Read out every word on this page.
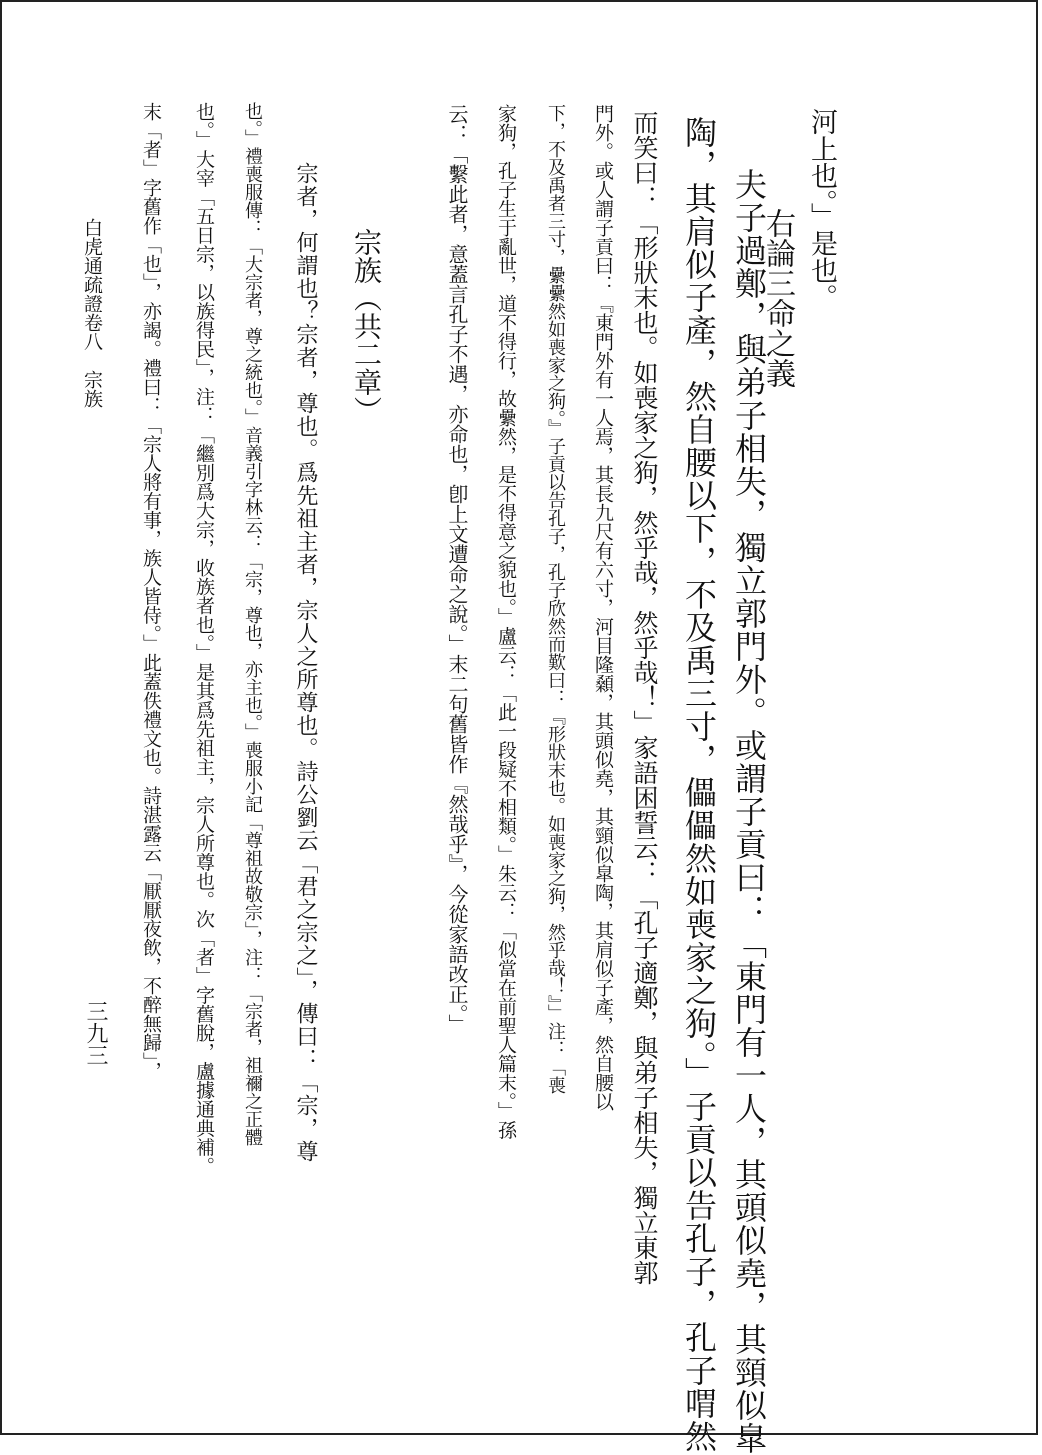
河上也。」是也。
右論三命之義
夫子過鄭，與弟子相失，獨立郭門外。或謂子貢曰：「東門有一人，其頭似堯，其頸似皐
陶，其肩似子產，然自腰以下，不及禹三寸，儡儡然如喪家之狗。」子貢以告孔子，孔子喟然
而笑曰：「形狀末也。如喪家之狗，然乎哉，然乎哉！」家語困誓云：「孔子適鄭，與弟子相失，獨立東郭
門外。或人謂子貢曰：『東門外有一人焉，其長九尺有六寸，河目隆顙，其頭似堯，其頸似皐陶，其肩似子產，然自腰以
下，不及禹者三寸，纍纍然如喪家之狗。』子貢以告孔子，孔子欣然而歎曰：『形狀末也。如喪家之狗，然乎哉！』」注：「喪
家狗，孔子生于亂世，道不得行，故纍然，是不得意之貌也。」盧云：「此一段疑不相類。」朱云：「似當在前聖人篇末。」孫
云：「繫此者，意蓋言孔子不遇，亦命也，卽上文遭命之說。」末二句舊皆作『然哉乎』，今從家語改正。」
宗族（共二章）
宗者，何謂也？宗者，尊也。爲先祖主者，宗人之所尊也。詩公劉云「君之宗之」，傳曰：「宗，尊
也。」禮喪服傳：「大宗者，尊之統也。」音義引字林云：「宗，尊也，亦主也。」喪服小記「尊祖故敬宗」，注：「宗者，祖禰之正體
也。」大宰「五日宗，以族得民」，注：「繼別爲大宗，收族者也。」是其爲先祖主，宗人所尊也。次「者」字舊脫，盧據通典補。
末「者」字舊作「也」，亦謁。禮曰：「宗人將有事，族人皆侍。」此蓋佚禮文也。詩湛露云「厭厭夜飲，不醉無歸」，
白虎通疏證卷八　宗族
三九三
